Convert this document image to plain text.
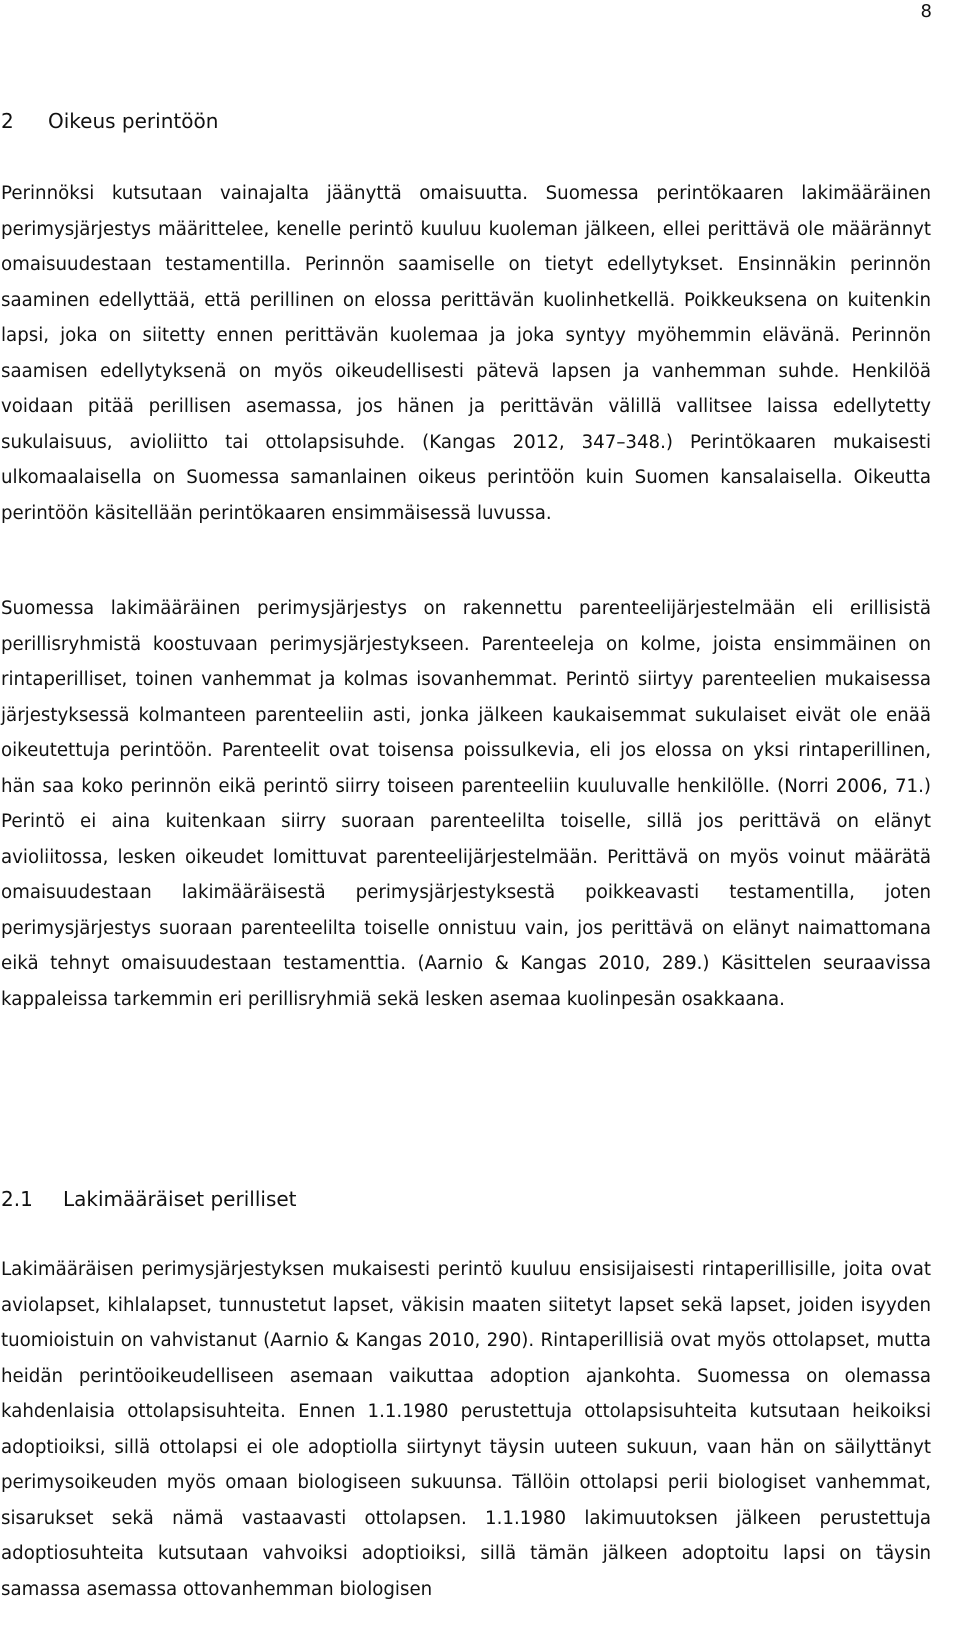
8
2 Oikeus perintöön

Perinnöksi kutsutaan vainajalta jäänyttä omaisuutta. Suomessa perintökaaren lakimääräinen perimysjärjestys määrittelee, kenelle perintö kuuluu kuoleman jälkeen, ellei perittävä ole määrännyt omaisuudestaan testamentilla. Perinnön saamiselle on tietyt edellytykset. Ensinnäkin perinnön saaminen edellyttää, että perillinen on elossa perittävän kuolinhetkellä. Poikkeuksena on kuitenkin lapsi, joka on siitetty ennen perittävän kuolemaa ja joka syntyy myöhemmin elävänä. Perinnön saamisen edellytyksenä on myös oikeudellisesti pätevä lapsen ja vanhemman suhde. Henkilöä voidaan pitää perillisen asemassa, jos hänen ja perittävän välillä vallitsee laissa edellytetty sukulaisuus, avioliitto tai ottolapsisuhde. (Kangas 2012, 347–348.) Perintökaaren mukaisesti ulkomaalaisella on Suomessa samanlainen oikeus perintöön kuin Suomen kansalaisella. Oikeutta perintöön käsitellään perintökaaren ensimmäisessä luvussa.

Suomessa lakimääräinen perimysjärjestys on rakennettu parenteelijärjestelmään eli erillisistä perillisryhmistä koostuvaan perimysjärjestykseen. Parenteeleja on kolme, joista ensimmäinen on rintaperilliset, toinen vanhemmat ja kolmas isovanhemmat. Perintö siirtyy parenteelien mukaisessa järjestyksessä kolmanteen parenteeliin asti, jonka jälkeen kaukaisemmat sukulaiset eivät ole enää oikeutettuja perintöön. Parenteelit ovat toisensa poissulkevia, eli jos elossa on yksi rintaperillinen, hän saa koko perinnön eikä perintö siirry toiseen parenteeliin kuuluvalle henkilölle. (Norri 2006, 71.) Perintö ei aina kuitenkaan siirry suoraan parenteelilta toiselle, sillä jos perittävä on elänyt avioliitossa, lesken oikeudet lomittuvat parenteelijärjestelmään. Perittävä on myös voinut määrätä omaisuudestaan lakimääräisestä perimysjärjestyksestä poikkeavasti testamentilla, joten perimysjärjestys suoraan parenteelilta toiselle onnistuu vain, jos perittävä on elänyt naimattomana eikä tehnyt omaisuudestaan testamenttia. (Aarnio & Kangas 2010, 289.) Käsittelen seuraavissa kappaleissa tarkemmin eri perillisryhmiä sekä lesken asemaa kuolinpesän osakkaana.

2.1 Lakimääräiset perilliset

Lakimääräisen perimysjärjestyksen mukaisesti perintö kuuluu ensisijaisesti rintaperillisille, joita ovat aviolapset, kihlalapset, tunnustetut lapset, väkisin maaten siitetyt lapset sekä lapset, joiden isyyden tuomioistuin on vahvistanut (Aarnio & Kangas 2010, 290). Rintaperillisiä ovat myös ottolapset, mutta heidän perintöoikeudelliseen asemaan vaikuttaa adoption ajankohta. Suomessa on olemassa kahdenlaisia ottolapsisuhteita. Ennen 1.1.1980 perustettuja ottolapsisuhteita kutsutaan heikoiksi adoptioiksi, sillä ottolapsi ei ole adoptiolla siirtynyt täysin uuteen sukuun, vaan hän on säilyttänyt perimysoikeuden myös omaan biologiseen sukuunsa. Tällöin ottolapsi perii biologiset vanhemmat, sisarukset sekä nämä vastaavasti ottolapsen. 1.1.1980 lakimuutoksen jälkeen perustettuja adoptiosuhteita kutsutaan vahvoiksi adoptioiksi, sillä tämän jälkeen adoptoitu lapsi on täysin samassa asemassa ottovanhemman biologisen
